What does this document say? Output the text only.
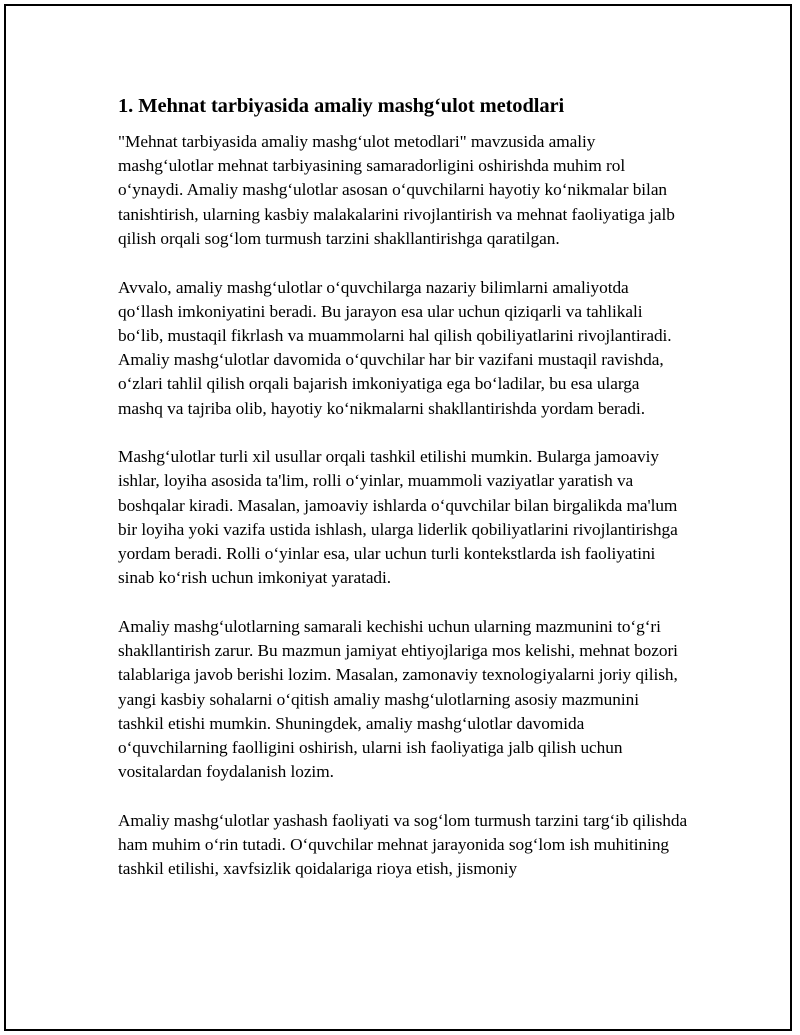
1. Mehnat tarbiyasida amaliy mashg‘ulot metodlari

"Mehnat tarbiyasida amaliy mashg‘ulot metodlari" mavzusida amaliy mashg‘ulotlar mehnat tarbiyasining samaradorligini oshirishda muhim rol o‘ynaydi. Amaliy mashg‘ulotlar asosan o‘quvchilarni hayotiy ko‘nikmalar bilan tanishtirish, ularning kasbiy malakalarini rivojlantirish va mehnat faoliyatiga jalb qilish orqali sog‘lom turmush tarzini shakllantirishga qaratilgan.

Avvalo, amaliy mashg‘ulotlar o‘quvchilarga nazariy bilimlarni amaliyotda qo‘llash imkoniyatini beradi. Bu jarayon esa ular uchun qiziqarli va tahlikali bo‘lib, mustaqil fikrlash va muammolarni hal qilish qobiliyatlarini rivojlantiradi. Amaliy mashg‘ulotlar davomida o‘quvchilar har bir vazifani mustaqil ravishda, o‘zlari tahlil qilish orqali bajarish imkoniyatiga ega bo‘ladilar, bu esa ularga mashq va tajriba olib, hayotiy ko‘nikmalarni shakllantirishda yordam beradi.

Mashg‘ulotlar turli xil usullar orqali tashkil etilishi mumkin. Bularga jamoaviy ishlar, loyiha asosida ta'lim, rolli o‘yinlar, muammoli vaziyatlar yaratish va boshqalar kiradi. Masalan, jamoaviy ishlarda o‘quvchilar bilan birgalikda ma'lum bir loyiha yoki vazifa ustida ishlash, ularga liderlik qobiliyatlarini rivojlantirishga yordam beradi. Rolli o‘yinlar esa, ular uchun turli kontekstlarda ish faoliyatini sinab ko‘rish uchun imkoniyat yaratadi.

Amaliy mashg‘ulotlarning samarali kechishi uchun ularning mazmunini to‘g‘ri shakllantirish zarur. Bu mazmun jamiyat ehtiyojlariga mos kelishi, mehnat bozori talablariga javob berishi lozim. Masalan, zamonaviy texnologiyalarni joriy qilish, yangi kasbiy sohalarni o‘qitish amaliy mashg‘ulotlarning asosiy mazmunini tashkil etishi mumkin. Shuningdek, amaliy mashg‘ulotlar davomida o‘quvchilarning faolligini oshirish, ularni ish faoliyatiga jalb qilish uchun vositalardan foydalanish lozim.

Amaliy mashg‘ulotlar yashash faoliyati va sog‘lom turmush tarzini targ‘ib qilishda ham muhim o‘rin tutadi. O‘quvchilar mehnat jarayonida sog‘lom ish muhitining tashkil etilishi, xavfsizlik qoidalariga rioya etish, jismoniy
